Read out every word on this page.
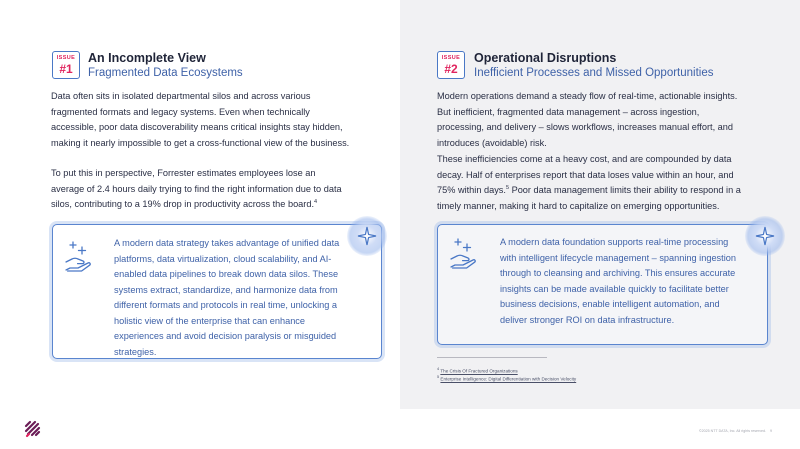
ISSUE
#1
An Incomplete View
Fragmented Data Ecosystems
Data often sits in isolated departmental silos and across various fragmented formats and legacy systems. Even when technically accessible, poor data discoverability means critical insights stay hidden, making it nearly impossible to get a cross-functional view of the business.
To put this in perspective, Forrester estimates employees lose an average of 2.4 hours daily trying to find the right information due to data silos, contributing to a 19% drop in productivity across the board.$^4$
A modern data strategy takes advantage of unified data platforms, data virtualization, cloud scalability, and AI-enabled data pipelines to break down data silos. These systems extract, standardize, and harmonize data from different formats and protocols in real time, unlocking a holistic view of the enterprise that can enhance experiences and avoid decision paralysis or misguided strategies.
ISSUE
#2
Operational Disruptions
Inefficient Processes and Missed Opportunities
Modern operations demand a steady flow of real-time, actionable insights. But inefficient, fragmented data management – across ingestion, processing, and delivery – slows workflows, increases manual effort, and introduces (avoidable) risk.
These inefficiencies come at a heavy cost, and are compounded by data decay. Half of enterprises report that data loses value within an hour, and 75% within days.$^5$ Poor data management limits their ability to respond in a timely manner, making it hard to capitalize on emerging opportunities.
A modern data foundation supports real-time processing with intelligent lifecycle management – spanning ingestion through to cleansing and archiving. This ensures accurate insights can be made available quickly to facilitate better business decisions, enable intelligent automation, and deliver stronger ROI on data infrastructure.
$^4$ The Crisis Of Fractured Organizations
$^5$ Enterprise Intelligence: Digital Differentiation with Decision Velocity
©2025 NTT DATA, Inc. All rights reserved. 9
